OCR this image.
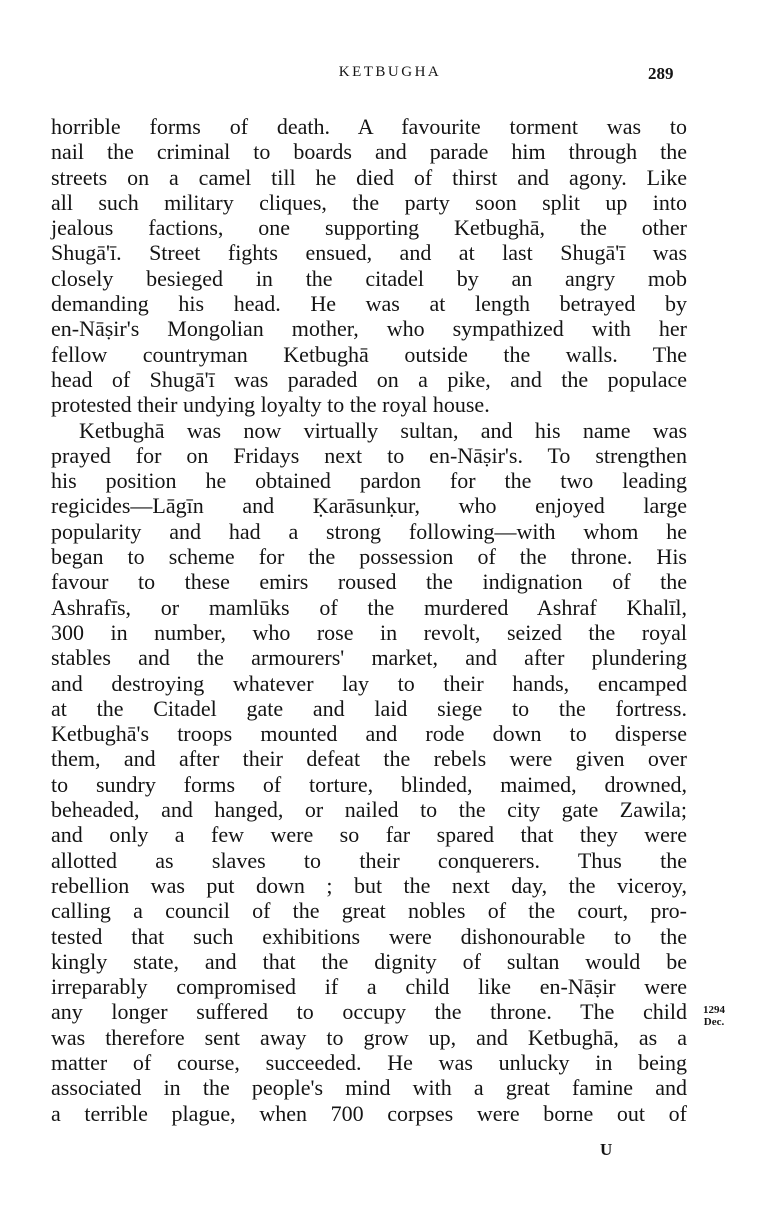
KETBUGHA	289
horrible forms of death. A favourite torment was to
nail the criminal to boards and parade him through the
streets on a camel till he died of thirst and agony. Like
all such military cliques, the party soon split up into
jealous factions, one supporting Ketbughā, the other
Shugā'ī. Street fights ensued, and at last Shugā'ī was
closely besieged in the citadel by an angry mob
demanding his head. He was at length betrayed by
en-Nāṣir's Mongolian mother, who sympathized with her
fellow countryman Ketbughā outside the walls. The
head of Shugā'ī was paraded on a pike, and the populace
protested their undying loyalty to the royal house.
Ketbughā was now virtually sultan, and his name was
prayed for on Fridays next to en-Nāṣir's. To strengthen
his position he obtained pardon for the two leading
regicides—Lāgīn and Ḳarāsunḳur, who enjoyed large
popularity and had a strong following—with whom he
began to scheme for the possession of the throne. His
favour to these emirs roused the indignation of the
Ashrafīs, or mamlūks of the murdered Ashraf Khalīl,
300 in number, who rose in revolt, seized the royal
stables and the armourers' market, and after plundering
and destroying whatever lay to their hands, encamped
at the Citadel gate and laid siege to the fortress.
Ketbughā's troops mounted and rode down to disperse
them, and after their defeat the rebels were given over
to sundry forms of torture, blinded, maimed, drowned,
beheaded, and hanged, or nailed to the city gate Zawila;
and only a few were so far spared that they were
allotted as slaves to their conquerers. Thus the
rebellion was put down ; but the next day, the viceroy,
calling a council of the great nobles of the court, pro-
tested that such exhibitions were dishonourable to the
kingly state, and that the dignity of sultan would be
irreparably compromised if a child like en-Nāṣir were
any longer suffered to occupy the throne. The child
was therefore sent away to grow up, and Ketbughā, as a
matter of course, succeeded. He was unlucky in being
associated in the people's mind with a great famine and
a terrible plague, when 700 corpses were borne out of
1294
Dec.
U
